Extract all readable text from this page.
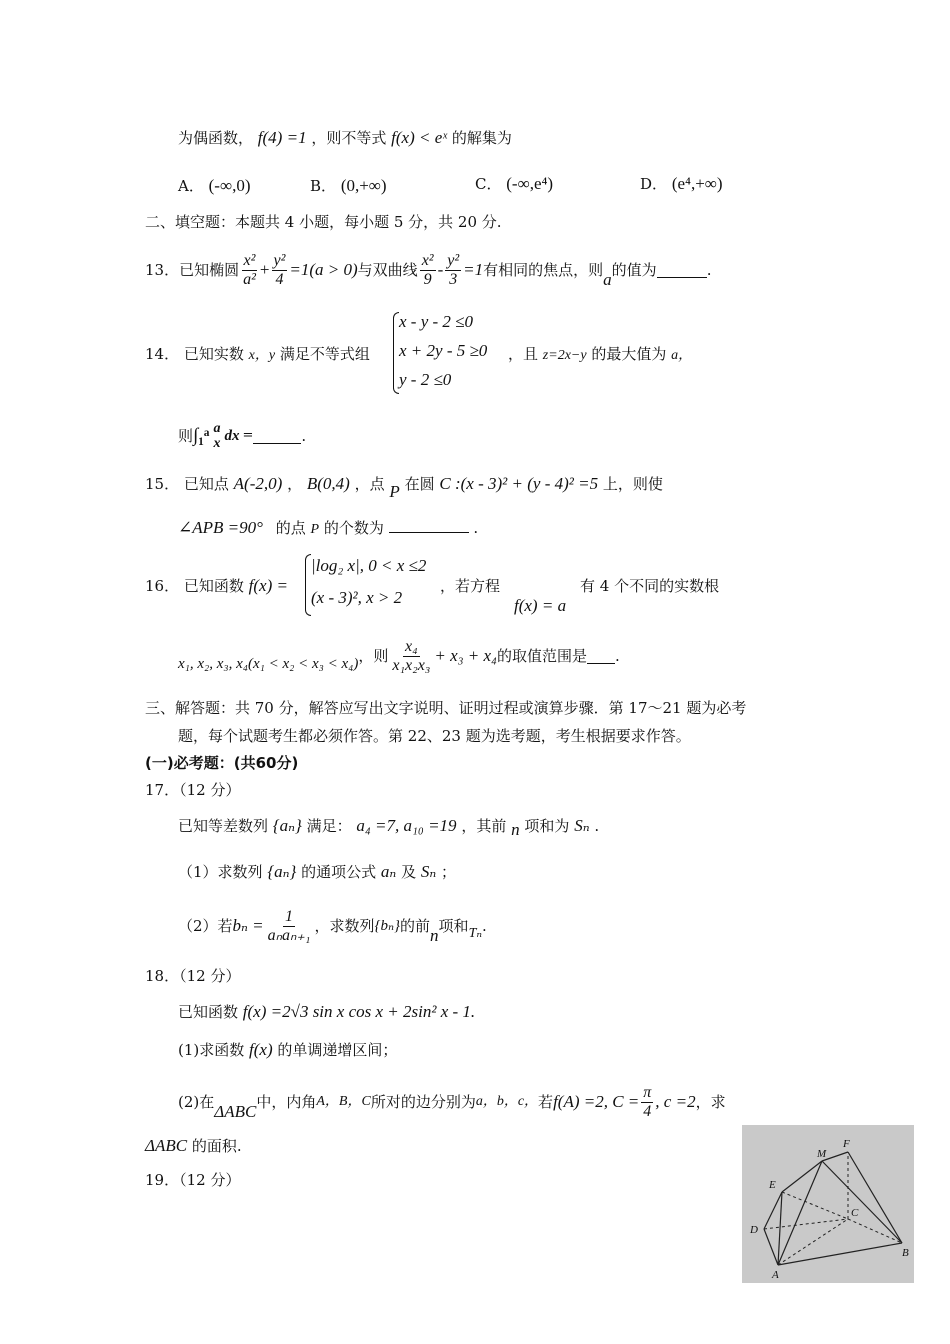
为偶函数， f(4) =1 ，则不等式 f(x) < eˣ 的解集为
A． (-∞,0)	B． (0,+∞)	C． (-∞,e⁴)	D． (e⁴,+∞)
二、填空题：本题共 4 小题，每小题 5 分，共 20 分.
13． 已知椭圆 $\frac{\text{x²}}{\text{a²}} + \frac{\text{y²}}{4} =1(a > 0)$ 与双曲线 $\frac{\text{x²}}{9} - \frac{\text{y²}}{3} =1$ 有相同的焦点，则 a 的值为	.
14． 已知实数 x，y 满足不等式组
x - y - 2 ≤0
x + 2y - 5 ≥0
y - 2 ≤0
，且 z=2x−y 的最大值为 a，
则 ∫₁ᵃ a
x dx =	.
15． 已知点 A(-2,0) ， B(0,4) ，点 P 在圆 C :(x - 3)² + (y - 4)² =5 上，则使
∠APB =90° 的点 P 的个数为	.
16． 已知函数 f(x) =
|log₂ x|, 0 < x ≤2
(x - 3)², x > 2
，若方程
f(x) = a
有 4 个不同的实数根
x₁, x₂, x₃, x₄(x₁ < x₂ < x₃ < x₄) ，则 $\frac{\text{x₄}}{\text{x₁x₂x₃}} + x_3 + x_4$ 的取值范围是 .
三、解答题：共 70 分，解答应写出文字说明、证明过程或演算步骤．第 17～21 题为必考
题，每个试题考生都必须作答。第 22、23 题为选考题，考生根据要求作答。
(一)必考题：(共60分)
17．（12 分）
已知等差数列 {aₙ} 满足： a₄ =7, a₁₀ =19 ，其前 n 项和为 Sₙ .
（1）求数列 {aₙ} 的通项公式 aₙ 及 Sₙ ；
（2）若 $b_n = \frac{1}{\text{aₙaₙ₊₁}}$ ，求数列 {bₙ} 的前 n 项和 Tₙ .
18．（12 分）
已知函数 f(x) =2√3 sin x cos x + 2sin² x - 1.
(1)求函数 f(x) 的单调递增区间；
(2)在 ΔABC 中，内角 A，B，C 所对的边分别为 a，b，c， 若 f(A) =2, $C = \frac{\pi}{4}$ , c =2 ，求
ΔABC 的面积.
19．（12 分）
F
M
E
C
D
B
A
